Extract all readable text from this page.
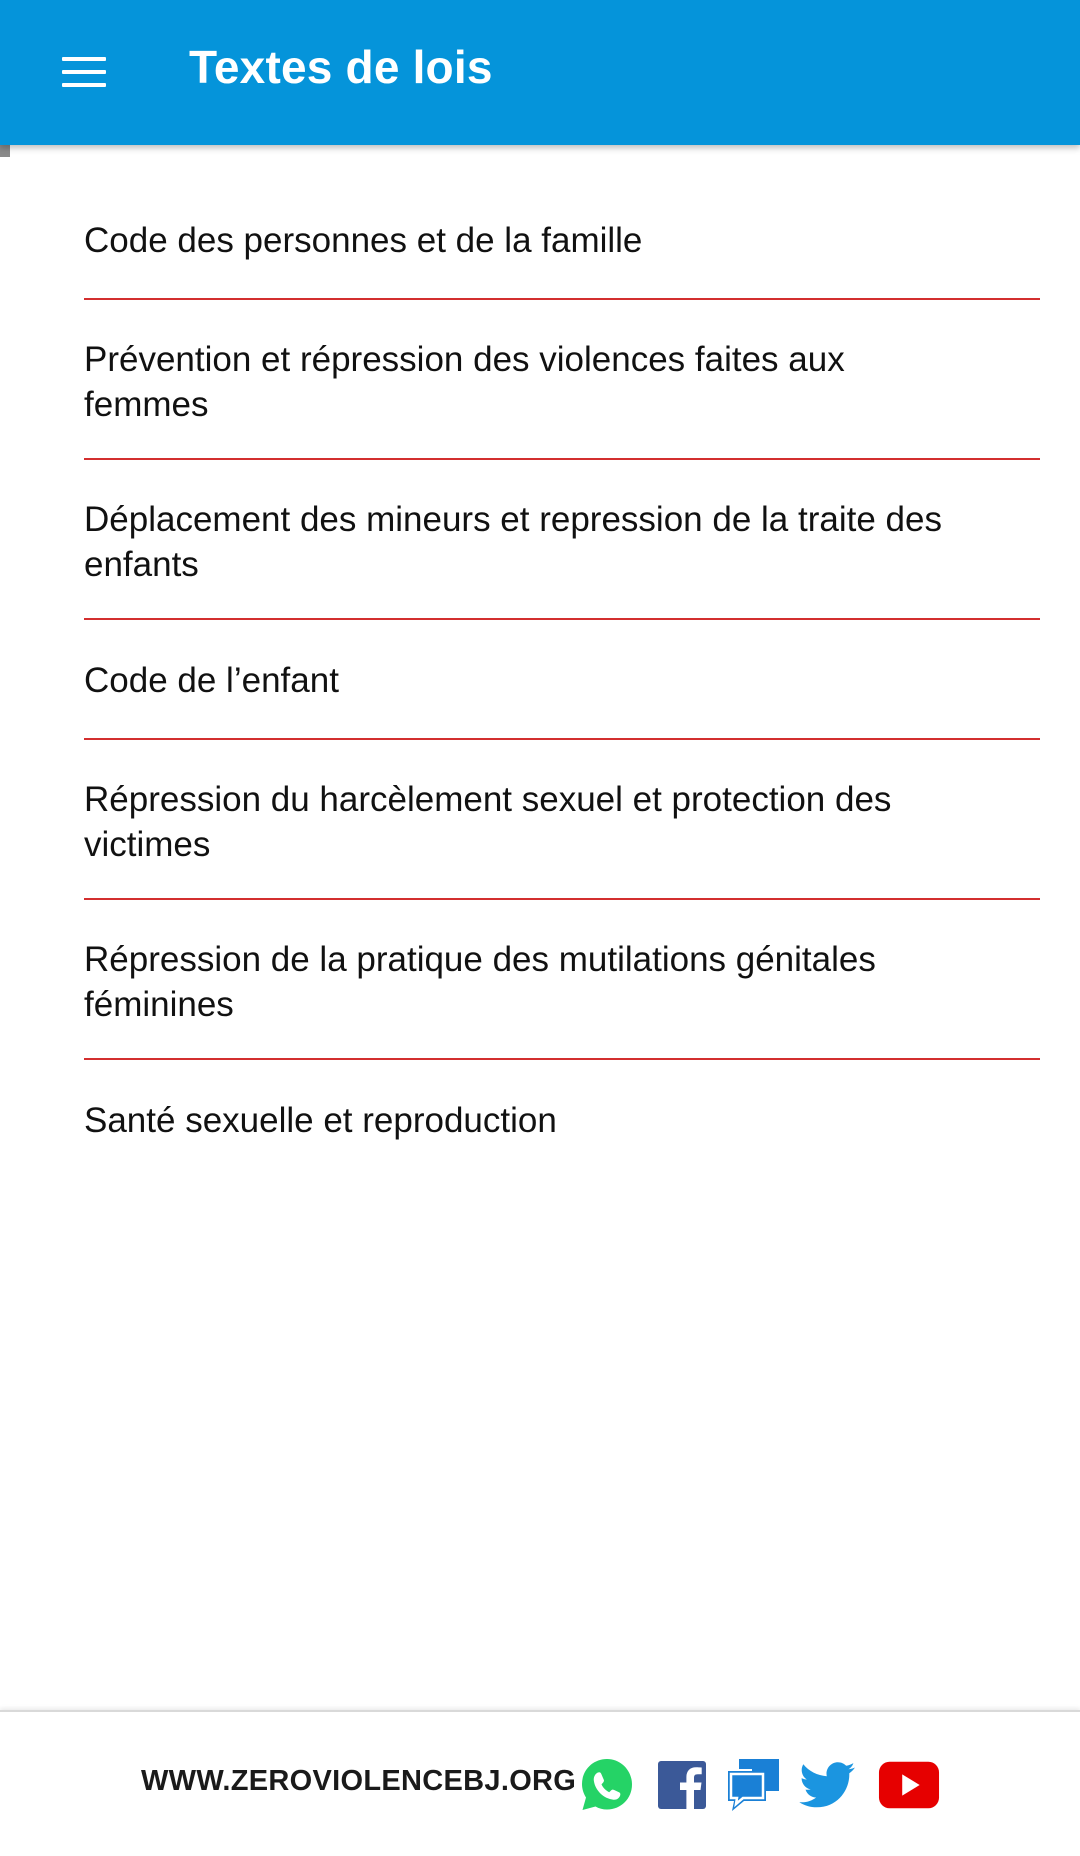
Textes de lois
Code des personnes et de la famille
Prévention et répression des violences faites aux femmes
Déplacement des mineurs et repression de la traite des enfants
Code de l’enfant
Répression du harcèlement sexuel et protection des victimes
Répression de la pratique des mutilations génitales féminines
Santé sexuelle et reproduction
WWW.ZEROVIOLENCEBJ.ORG
